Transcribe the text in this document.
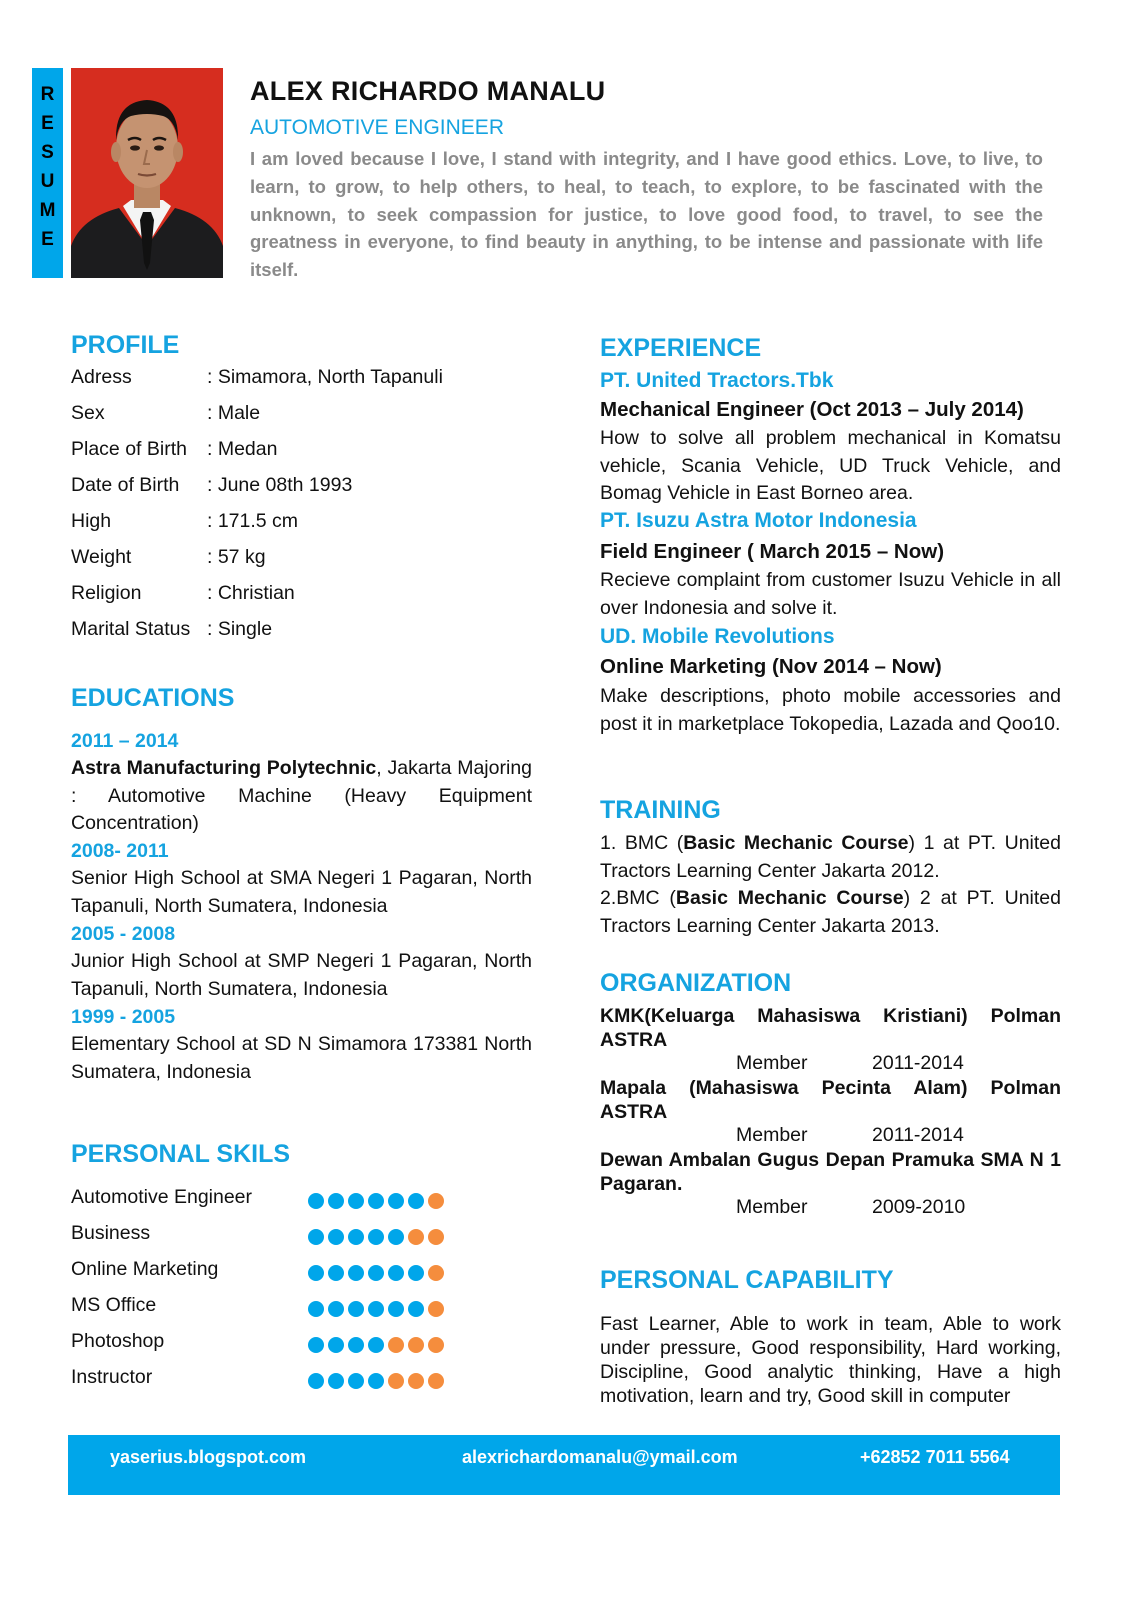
R
E
S
U
M
E
ALEX RICHARDO MANALU
AUTOMOTIVE ENGINEER

I am loved because I love, I stand with integrity, and I have good ethics. Love, to live, to learn, to grow, to help others, to heal, to teach, to explore, to be fascinated with the unknown, to seek compassion for justice, to love good food, to travel, to see the greatness in everyone, to find beauty in anything, to be intense and passionate with life itself.

PROFILE
Adress	: Simamora, North Tapanuli
Sex	: Male
Place of Birth : Medan
Date of Birth : June 08th 1993
High	: 171.5 cm
Weight	: 57 kg
Religion	: Christian
Marital Status : Single
EDUCATIONS
2011 – 2014

Astra Manufacturing Polytechnic, Jakarta Majoring : Automotive Machine (Heavy Equipment Concentration)

2008- 2011

Senior High School at SMA Negeri 1 Pagaran, North Tapanuli, North Sumatera, Indonesia

2005 - 2008

Junior High School at SMP Negeri 1 Pagaran, North Tapanuli, North Sumatera, Indonesia

1999 - 2005

Elementary School at SD N Simamora 173381 North Sumatera, Indonesia

PERSONAL SKILS
Automotive Engineer
Business
Online Marketing
MS Office
Photoshop
Instructor
EXPERIENCE
PT. United Tractors.Tbk
Mechanical Engineer (Oct 2013 – July 2014)

How to solve all problem mechanical in Komatsu vehicle, Scania Vehicle, UD Truck Vehicle, and Bomag Vehicle in East Borneo area.

PT. Isuzu Astra Motor Indonesia
Field Engineer ( March 2015 – Now)

Recieve complaint from customer Isuzu Vehicle in all over Indonesia and solve it.

UD. Mobile Revolutions
Online Marketing (Nov 2014 – Now)

Make descriptions, photo mobile accessories and post it in marketplace Tokopedia, Lazada and Qoo10.

TRAINING

1. BMC (Basic Mechanic Course) 1 at PT. United Tractors Learning Center Jakarta 2012.

2.BMC (Basic Mechanic Course) 2 at PT. United Tractors Learning Center Jakarta 2013.

ORGANIZATION

KMK(Keluarga Mahasiswa Kristiani) Polman ASTRA

Member	2011-2014

Mapala (Mahasiswa Pecinta Alam) Polman ASTRA

Member	2011-2014

Dewan Ambalan Gugus Depan Pramuka SMA N 1 Pagaran.

Member	2009-2010
PERSONAL CAPABILITY

Fast Learner, Able to work in team, Able to work under pressure, Good responsibility, Hard working, Discipline, Good analytic thinking, Have a high motivation, learn and try, Good skill in computer

yaserius.blogspot.com	alexrichardomanalu@ymail.com	+62852 7011 5564
